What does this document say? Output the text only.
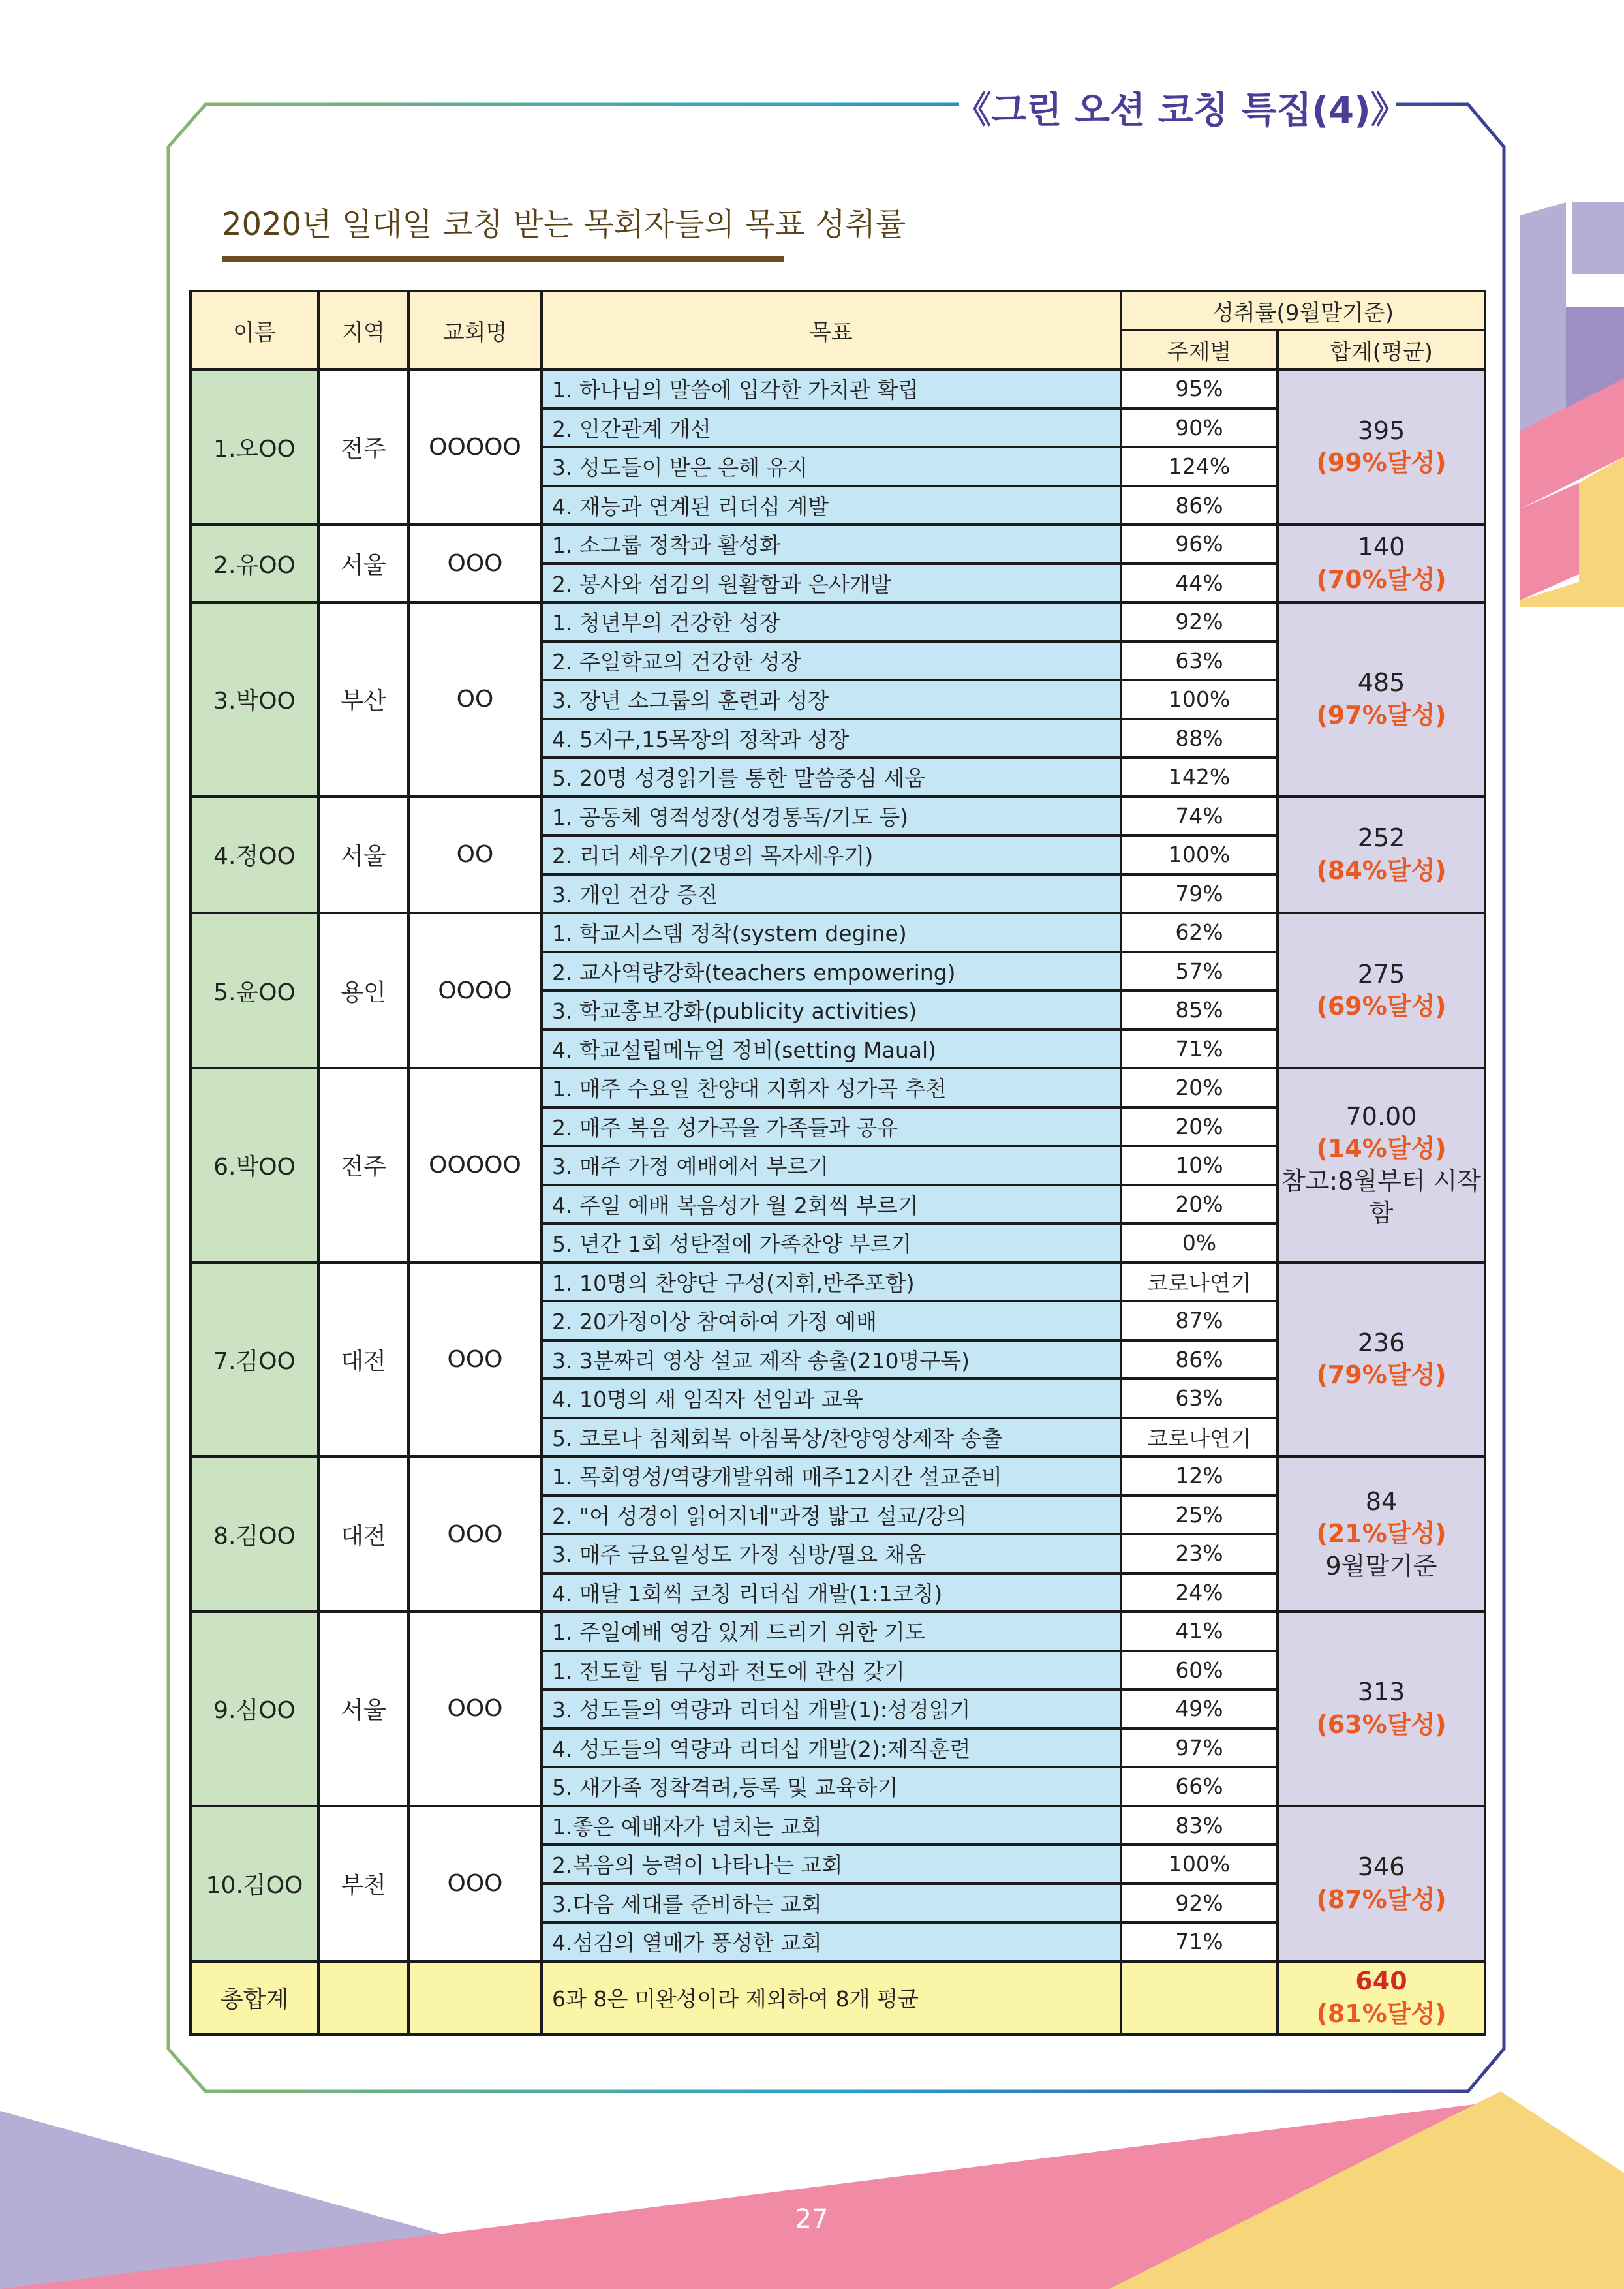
《그린 오션 코칭 특집(4)》
2020년 일대일 코칭 받는 목회자들의 목표 성취률
이름	지역	교회명	목표	성취률(9월말기준)	
				주제별	합계(평균)
1.오OO	전주	OOOOO	1. 하나님의 말씀에 입각한 가치관 확립	95%	395
(99%달성)

			2. 인간관계 개선	90%	
			3. 성도들이 받은 은혜 유지	124%	
			4. 재능과 연계된 리더십 계발	86%	
2.유OO	서울	OOO	1. 소그룹 정착과 활성화	96%	140
(70%달성)

			2. 봉사와 섬김의 원활함과 은사개발	44%	
3.박OO	부산	OO	1. 청년부의 건강한 성장	92%	485
(97%달성)

			2. 주일학교의 건강한 성장	63%	
			3. 장년 소그룹의 훈련과 성장	100%	
			4. 5지구,15목장의 정착과 성장	88%	
			5. 20명 성경읽기를 통한 말씀중심 세움	142%	
4.정OO	서울	OO	1. 공동체 영적성장(성경통독/기도 등)	74%	252
(84%달성)

			2. 리더 세우기(2명의 목자세우기)	100%	
			3. 개인 건강 증진	79%	
5.윤OO	용인	OOOO	1. 학교시스템 정착(system degine)	62%	275
(69%달성)

			2. 교사역량강화(teachers empowering)	57%	
			3. 학교홍보강화(publicity activities)	85%	
			4. 학교설립메뉴얼 정비(setting Maual)	71%	
6.박OO	전주	OOOOO	1. 매주 수요일 찬양대 지휘자 성가곡 추천	20%	70.00
(14%달성)
참고:8월부터 시작함

			2. 매주 복음 성가곡을 가족들과 공유	20%	
			3. 매주 가정 예배에서 부르기	10%	
			4. 주일 예배 복음성가 월 2회씩 부르기	20%	
			5. 년간 1회 성탄절에 가족찬양 부르기	0%	
7.김OO	대전	OOO	1. 10명의 찬양단 구성(지휘,반주포함)	코로나연기	236
(79%달성)

			2. 20가정이상 참여하여 가정 예배	87%	
			3. 3분짜리 영상 설교 제작 송출(210명구독)	86%	
			4. 10명의 새 임직자 선임과 교육	63%	
			5. 코로나 침체회복 아침묵상/찬양영상제작 송출	코로나연기	
8.김OO	대전	OOO	1. 목회영성/역량개발위해 매주12시간 설교준비	12%	84
(21%달성)
9월말기준

			2. "어 성경이 읽어지네"과정 밟고 설교/강의	25%	
			3. 매주 금요일성도 가정 심방/필요 채움	23%	
			4. 매달 1회씩 코칭 리더십 개발(1:1코칭)	24%	
9.심OO	서울	OOO	1. 주일예배 영감 있게 드리기 위한 기도	41%	313
(63%달성)

			1. 전도할 팀 구성과 전도에 관심 갖기	60%	
			3. 성도들의 역량과 리더십 개발(1):성경읽기	49%	
			4. 성도들의 역량과 리더십 개발(2):제직훈련	97%	
			5. 새가족 정착격려,등록 및 교육하기	66%	
10.김OO	부천	OOO	1.좋은 예배자가 넘치는 교회	83%	346
(87%달성)

			2.복음의 능력이 나타나는 교회	100%	
			3.다음 세대를 준비하는 교회	92%	
			4.섬김의 열매가 풍성한 교회	71%	
총합계			6과 8은 미완성이라 제외하여 8개 평균		640
(81%달성)
27
